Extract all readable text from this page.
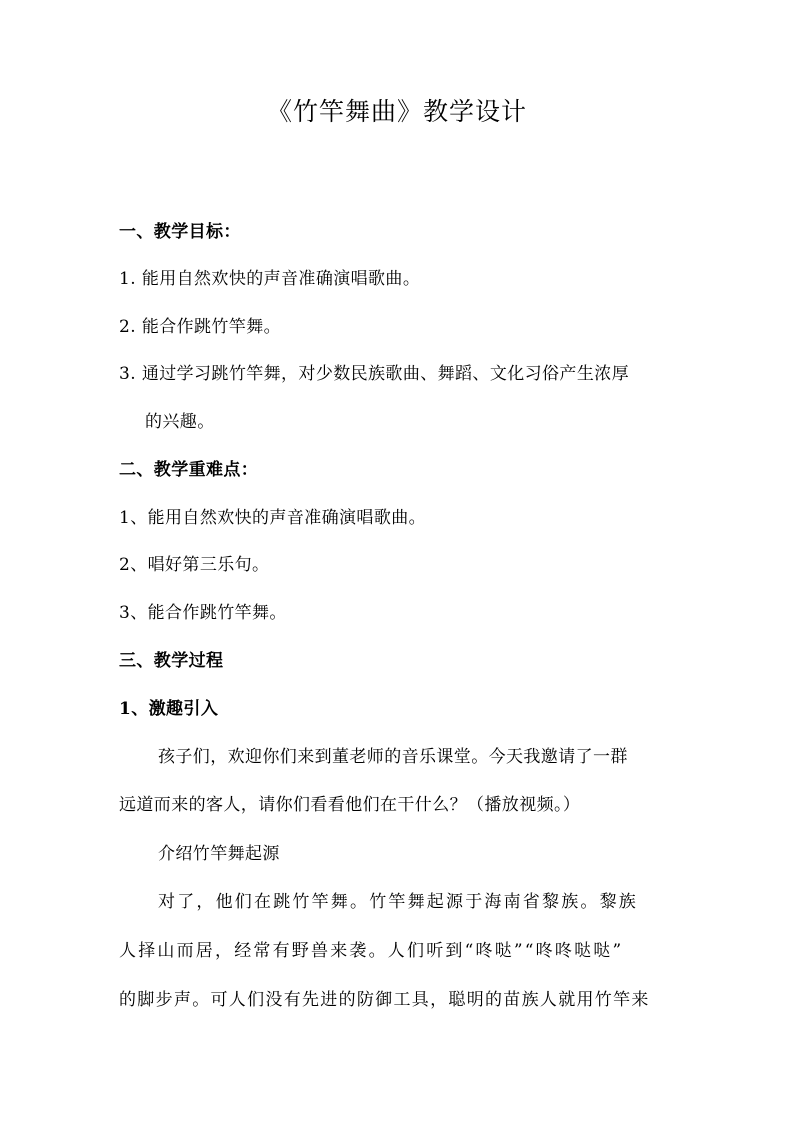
《竹竿舞曲》教学设计
一、教学目标：
1. 能用自然欢快的声音准确演唱歌曲。
2. 能合作跳竹竿舞。
3. 通过学习跳竹竿舞，对少数民族歌曲、舞蹈、文化习俗产生浓厚
的兴趣。
二、教学重难点：
1、能用自然欢快的声音准确演唱歌曲。
2、唱好第三乐句。
3、能合作跳竹竿舞。
三、教学过程
1、激趣引入
孩子们，欢迎你们来到董老师的音乐课堂。今天我邀请了一群
远道而来的客人，请你们看看他们在干什么？（播放视频。）
介绍竹竿舞起源
对了，他们在跳竹竿舞。竹竿舞起源于海南省黎族。黎族
人择山而居，经常有野兽来袭。人们听到“咚哒”“咚咚哒哒”
的脚步声。可人们没有先进的防御工具，聪明的苗族人就用竹竿来
